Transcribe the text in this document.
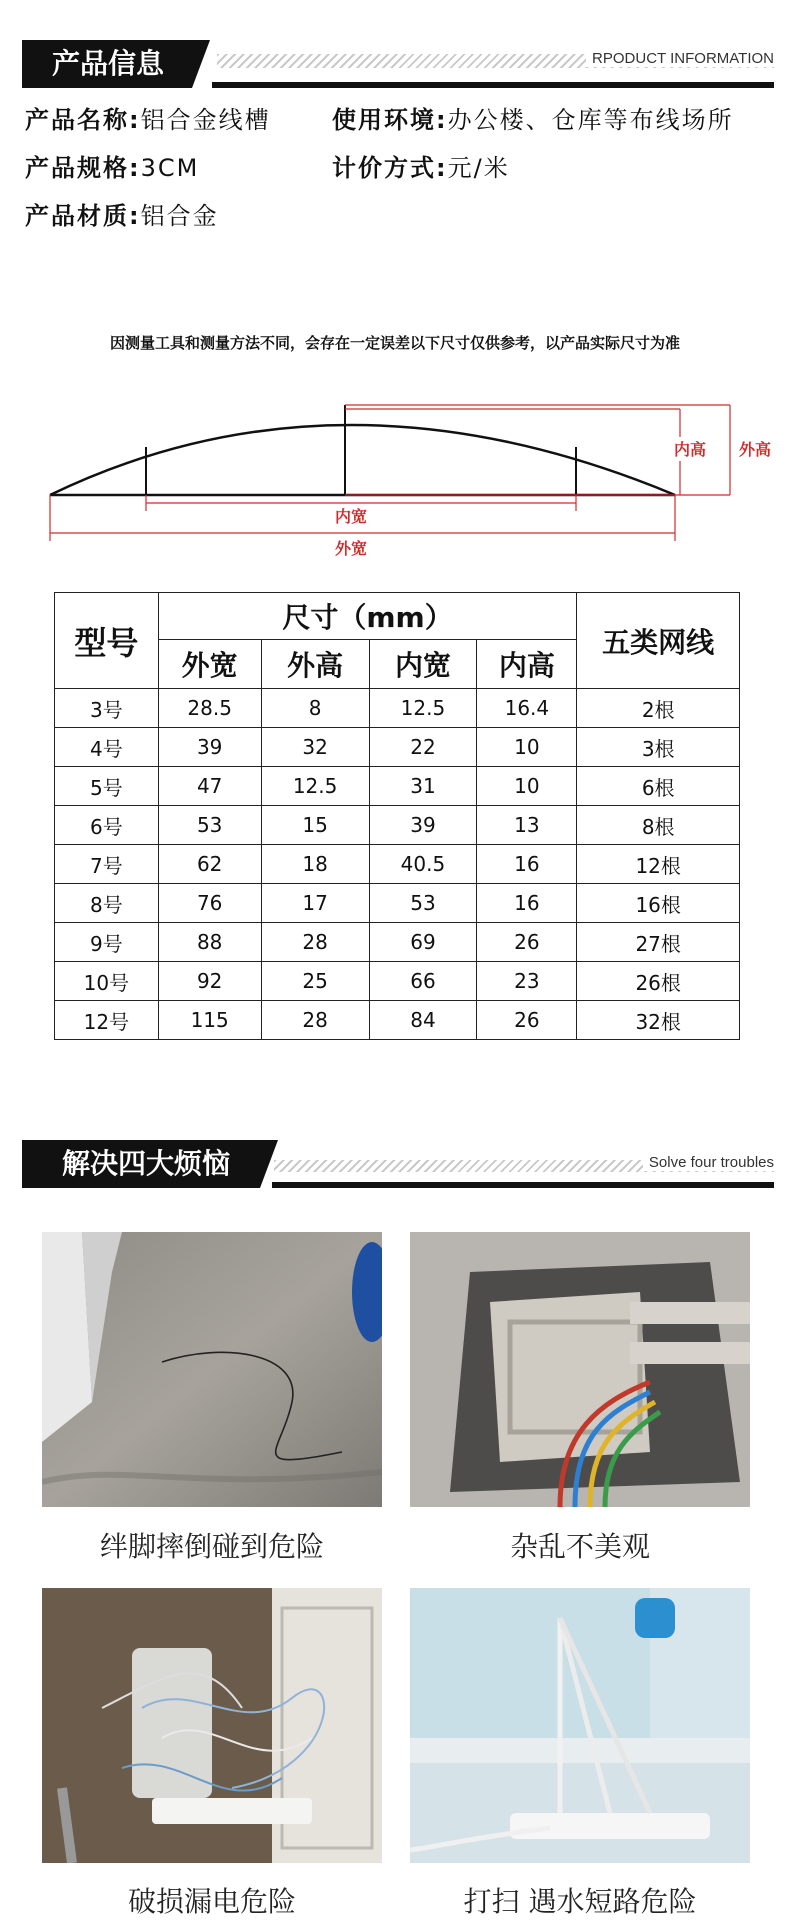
产品信息	RPODUCT INFORMATION
产品名称:铝合金线槽	使用环境:办公楼、仓库等布线场所
产品规格:3CM	计价方式:元/米
产品材质:铝合金
因测量工具和测量方法不同，会存在一定误差以下尺寸仅供参考，以产品实际尺寸为准
内高 外高
内宽
外宽
型号	尺寸（mm）				五类网线
	外宽	外高	内宽	内高	
3号	28.5	8	12.5	16.4	2根
4号	39	32	22	10	3根
5号	47	12.5	31	10	6根
6号	53	15	39	13	8根
7号	62	18	40.5	16	12根
8号	76	17	53	16	16根
9号	88	28	69	26	27根
10号	92	25	66	23	26根
12号	115	28	84	26	32根
解决四大烦恼	Solve four troubles
绊脚摔倒碰到危险	杂乱不美观
破损漏电危险	打扫 遇水短路危险
